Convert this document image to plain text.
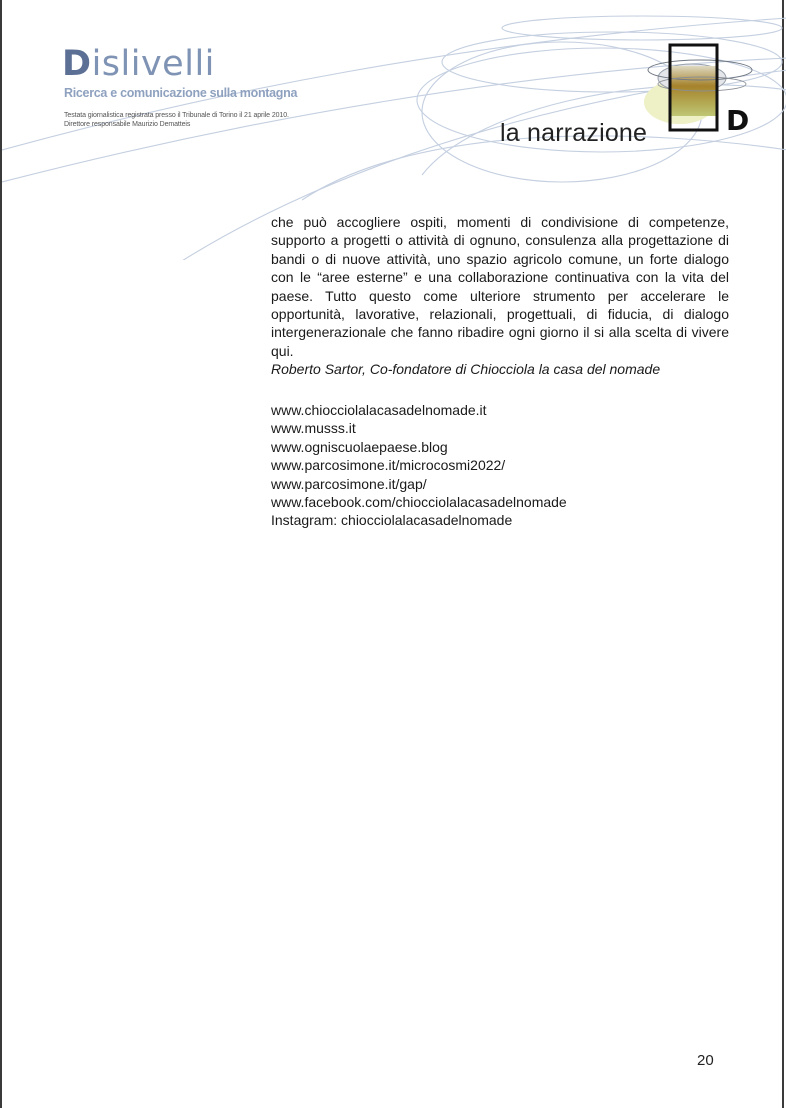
Dislivelli
Ricerca e comunicazione sulla montagna
Testata giornalistica registrata presso il Tribunale di Torino il 21 aprile 2010.
Direttore responsabile Maurizio Dematteis	la narrazione	D

che può accogliere ospiti, momenti di condivisione di competenze, supporto a progetti o attività di ognuno, consulenza alla progettazione di bandi o di nuove attività, uno spazio agricolo comune, un forte dialogo con le “aree esterne” e una collaborazione continuativa con la vita del paese. Tutto questo come ulteriore strumento per accelerare le opportunità, lavorative, relazionali, progettuali, di fiducia, di dialogo intergenerazionale che fanno ribadire ogni giorno il si alla scelta di vivere qui.

Roberto Sartor, Co-fondatore di Chiocciola la casa del nomade

www.chiocciolalacasadelnomade.it
www.musss.it
www.ogniscuolaepaese.blog
www.parcosimone.it/microcosmi2022/
www.parcosimone.it/gap/
www.facebook.com/chiocciolalacasadelnomade
Instagram: chiocciolalacasadelnomade
20
